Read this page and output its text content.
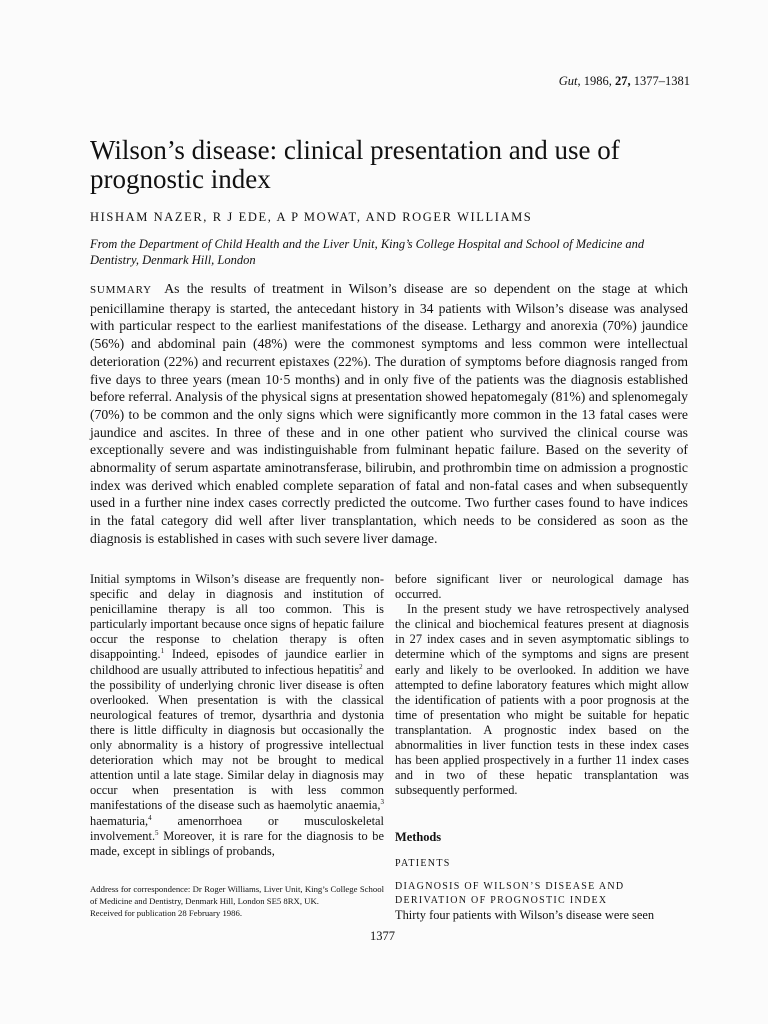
Gut, 1986, 27, 1377–1381
Wilson’s disease: clinical presentation and use of prognostic index
HISHAM NAZER, R J EDE, A P MOWAT, AND ROGER WILLIAMS
From the Department of Child Health and the Liver Unit, King’s College Hospital and School of Medicine and Dentistry, Denmark Hill, London
SUMMARY As the results of treatment in Wilson’s disease are so dependent on the stage at which penicillamine therapy is started, the antecedant history in 34 patients with Wilson’s disease was analysed with particular respect to the earliest manifestations of the disease. Lethargy and anorexia (70%) jaundice (56%) and abdominal pain (48%) were the commonest symptoms and less common were intellectual deterioration (22%) and recurrent epistaxes (22%). The duration of symptoms before diagnosis ranged from five days to three years (mean 10·5 months) and in only five of the patients was the diagnosis established before referral. Analysis of the physical signs at presentation showed hepatomegaly (81%) and splenomegaly (70%) to be common and the only signs which were significantly more common in the 13 fatal cases were jaundice and ascites. In three of these and in one other patient who survived the clinical course was exceptionally severe and was indistinguishable from fulminant hepatic failure. Based on the severity of abnormality of serum aspartate aminotransferase, bilirubin, and prothrombin time on admission a prognostic index was derived which enabled complete separation of fatal and non-fatal cases and when subsequently used in a further nine index cases correctly predicted the outcome. Two further cases found to have indices in the fatal category did well after liver transplantation, which needs to be considered as soon as the diagnosis is established in cases with such severe liver damage.

Initial symptoms in Wilson’s disease are frequently non-specific and delay in diagnosis and institution of penicillamine therapy is all too common. This is particularly important because once signs of hepatic failure occur the response to chelation therapy is often disappointing.$^1$ Indeed, episodes of jaundice earlier in childhood are usually attributed to infectious hepatitis$^2$ and the possibility of underlying chronic liver disease is often overlooked. When presentation is with the classical neurological features of tremor, dysarthria and dystonia there is little difficulty in diagnosis but occasionally the only abnormality is a history of progressive intellectual deterioration which may not be brought to medical attention until a late stage. Similar delay in diagnosis may occur when presentation is with less common manifestations of the disease such as haemolytic anaemia,$^3$ haematuria,$^4$ amenorrhoea or musculoskeletal involvement.$^5$ Moreover, it is rare for the diagnosis to be made, except in siblings of probands,

Address for correspondence: Dr Roger Williams, Liver Unit, King’s College School of Medicine and Dentistry, Denmark Hill, London SE5 8RX, UK.
Received for publication 28 February 1986.

before significant liver or neurological damage has occurred.

In the present study we have retrospectively analysed the clinical and biochemical features present at diagnosis in 27 index cases and in seven asymptomatic siblings to determine which of the symptoms and signs are present early and likely to be overlooked. In addition we have attempted to define laboratory features which might allow the identification of patients with a poor prognosis at the time of presentation who might be suitable for hepatic transplantation. A prognostic index based on the abnormalities in liver function tests in these index cases has been applied prospectively in a further 11 index cases and in two of these hepatic transplantation was subsequently performed.

Methods
PATIENTS
DIAGNOSIS OF WILSON’S DISEASE AND DERIVATION OF PROGNOSTIC INDEX
Thirty four patients with Wilson’s disease were seen
1377
